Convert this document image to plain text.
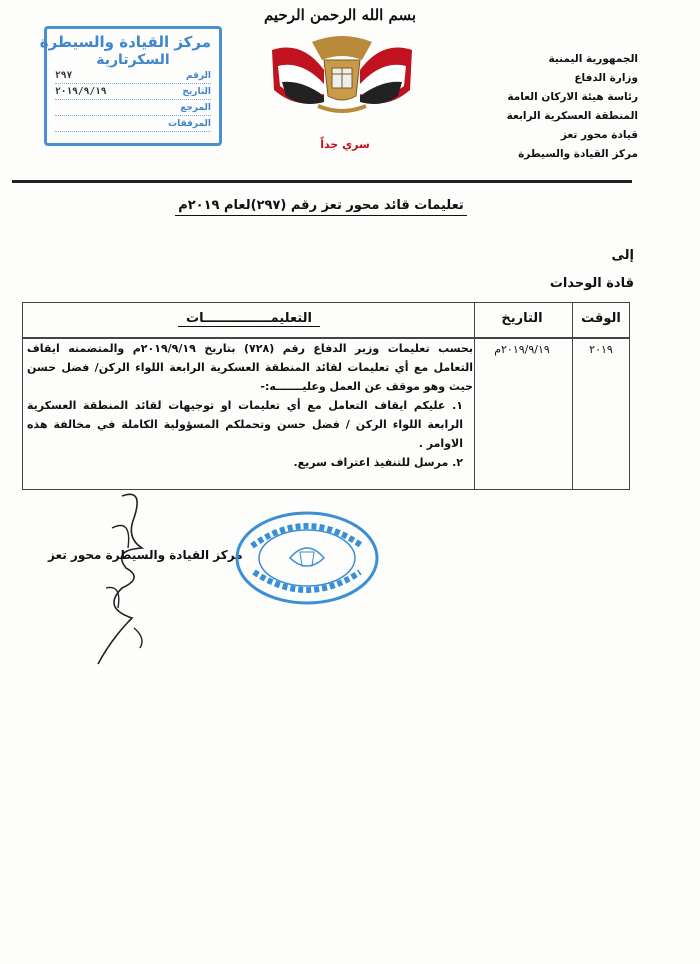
بسم الله الرحمن الرحيم
سري جداً
الجمهورية اليمنية
وزارة الدفاع
رئاسة هيئة الاركان العامة
المنطقة العسكرية الرابعة
قيادة محور تعز
مركز القيادة والسيطرة
مركز القيادة والسيطرة
السكرتارية
الرقم
٢٩٧
التاريخ
٢٠١٩/٩/١٩
المرجع
المرفقات
تعليمات قائد محور تعز رقم (٢٩٧)لعام ٢٠١٩م
إلى
قادة الوحدات
الوقت
التاريخ
التعليمـــــــــــــــات
٢٠١٩
٢٠١٩/٩/١٩م

بحسب تعليمات وزير الدفاع رقم (٧٢٨) بتاريخ ٢٠١٩/٩/١٩م والمتضمنه ايقاف التعامل مع أي تعليمات لقائد المنطقة العسكرية الرابعة اللواء الركن/ فضل حسن حيث وهو موقف عن العمل وعليـــــــه:-

١. عليكم ايقاف التعامل مع أي تعليمات او توجيهات لقائد المنطقة العسكرية الرابعة اللواء الركن / فضل حسن وتحملكم المسؤولية الكاملة في مخالفة هذه الاوامر .

٢. مرسل للتنفيذ اعتراف سريع.

مركز القيادة والسيطرة محور تعز
